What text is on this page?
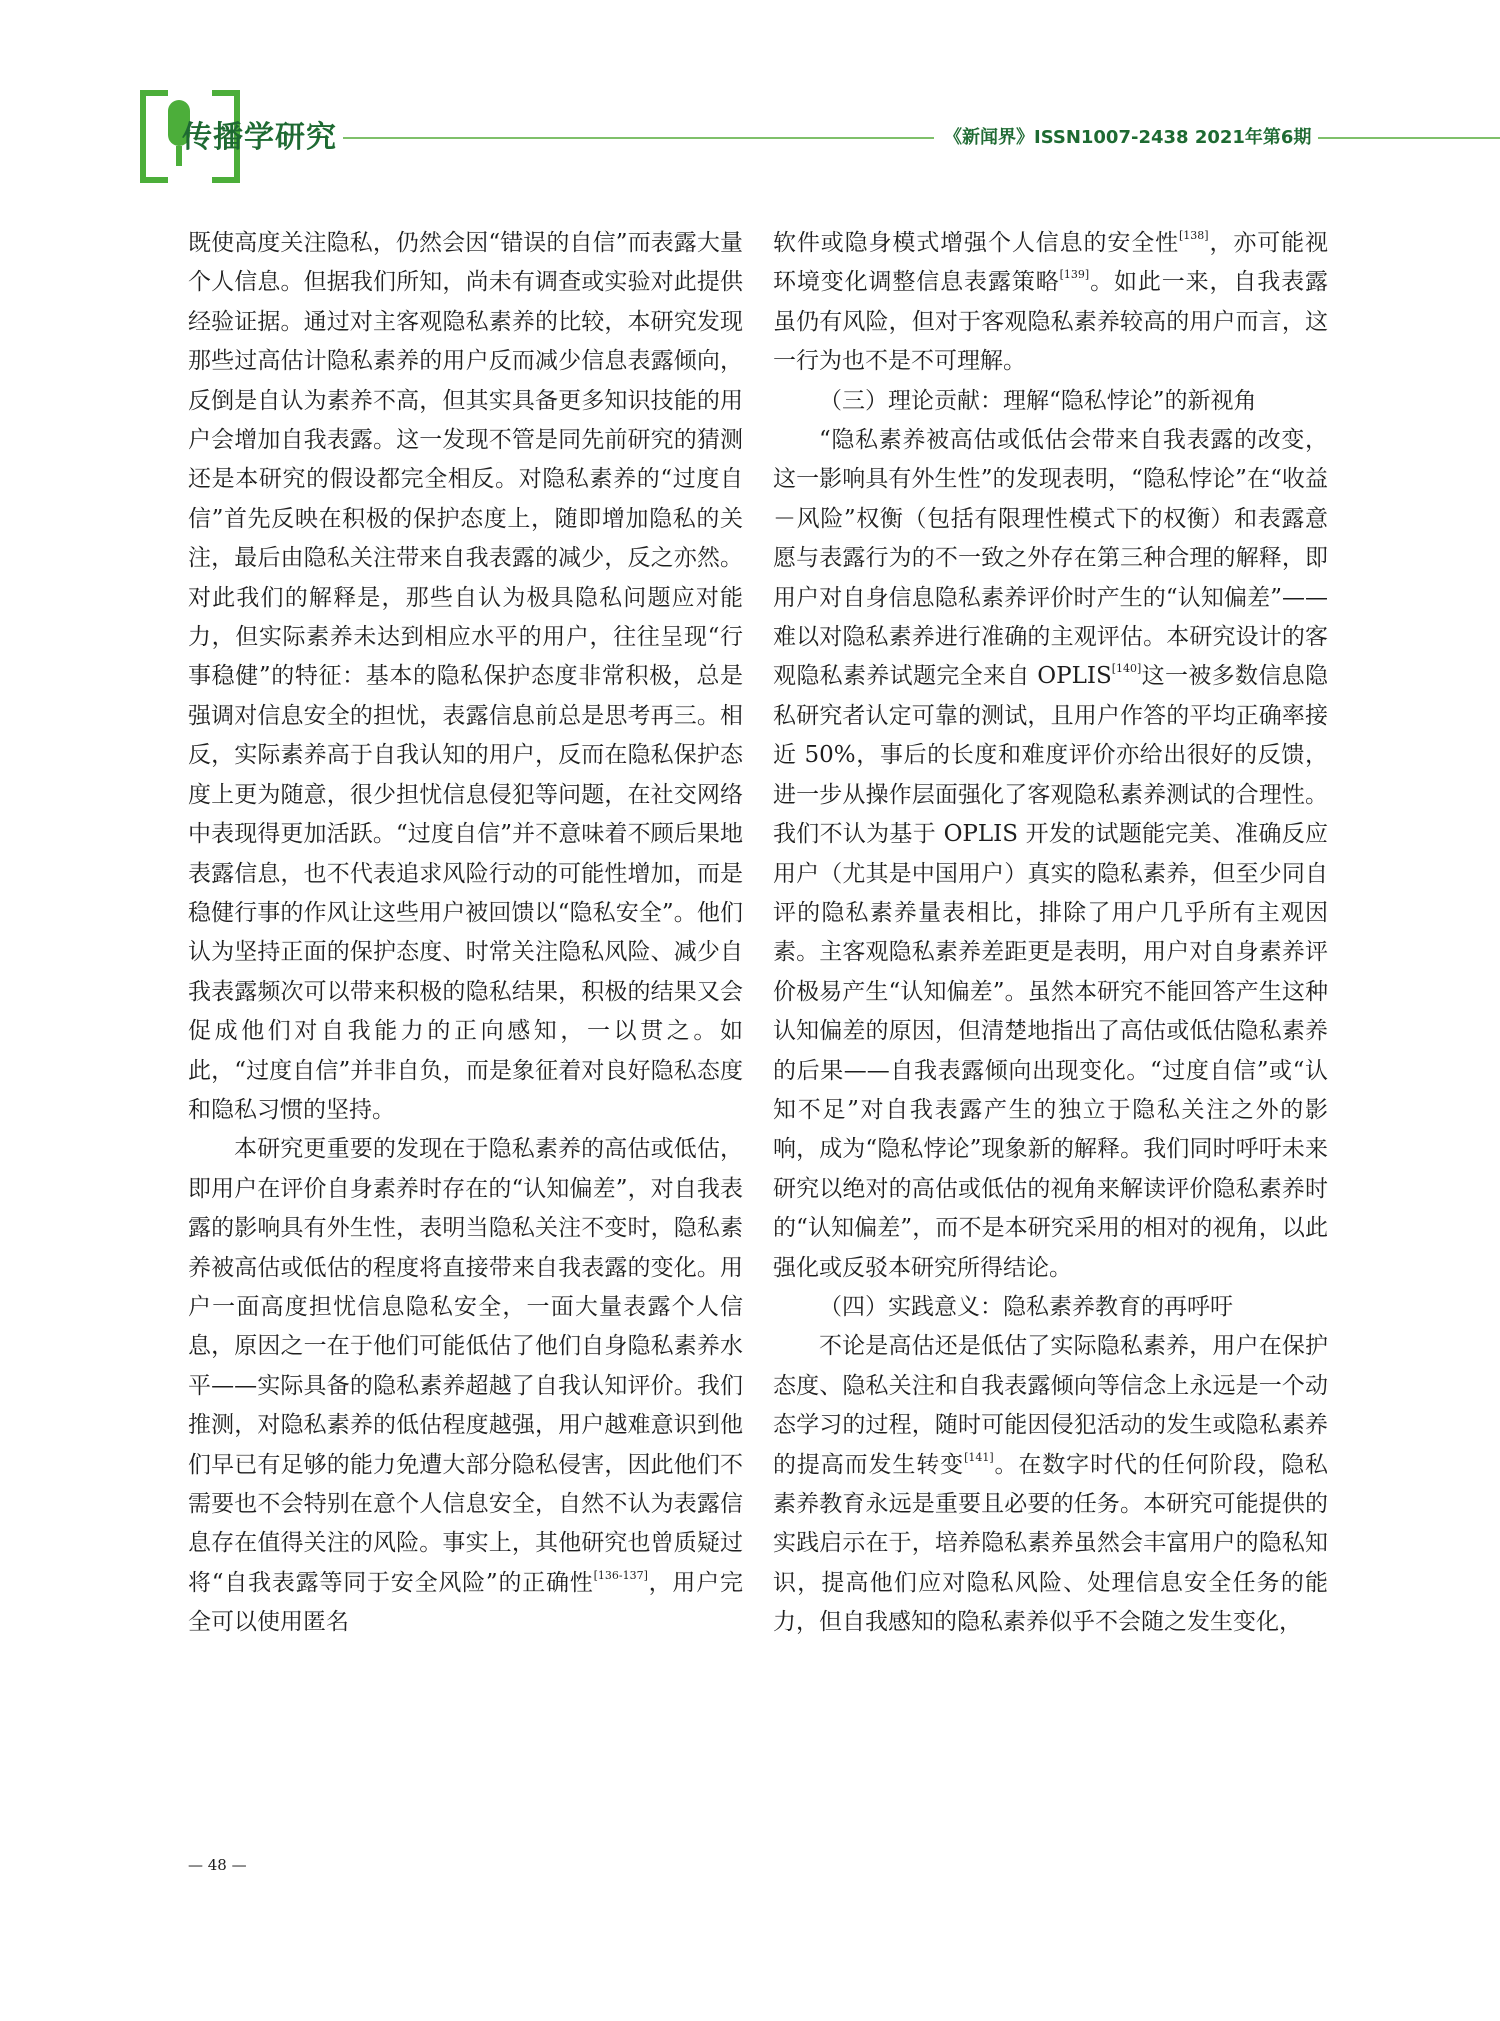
传播学研究	《新闻界》ISSN1007-2438 2021年第6期

既使高度关注隐私，仍然会因“错误的自信”而表露大量个人信息。但据我们所知，尚未有调查或实验对此提供经验证据。通过对主客观隐私素养的比较，本研究发现那些过高估计隐私素养的用户反而减少信息表露倾向，反倒是自认为素养不高，但其实具备更多知识技能的用户会增加自我表露。这一发现不管是同先前研究的猜测还是本研究的假设都完全相反。对隐私素养的“过度自信”首先反映在积极的保护态度上，随即增加隐私的关注，最后由隐私关注带来自我表露的减少，反之亦然。对此我们的解释是，那些自认为极具隐私问题应对能力，但实际素养未达到相应水平的用户，往往呈现“行事稳健”的特征：基本的隐私保护态度非常积极，总是强调对信息安全的担忧，表露信息前总是思考再三。相反，实际素养高于自我认知的用户，反而在隐私保护态度上更为随意，很少担忧信息侵犯等问题，在社交网络中表现得更加活跃。“过度自信”并不意味着不顾后果地表露信息，也不代表追求风险行动的可能性增加，而是稳健行事的作风让这些用户被回馈以“隐私安全”。他们认为坚持正面的保护态度、时常关注隐私风险、减少自我表露频次可以带来积极的隐私结果，积极的结果又会促成他们对自我能力的正向感知，一以贯之。如此，“过度自信”并非自负，而是象征着对良好隐私态度和隐私习惯的坚持。

本研究更重要的发现在于隐私素养的高估或低估，即用户在评价自身素养时存在的“认知偏差”，对自我表露的影响具有外生性，表明当隐私关注不变时，隐私素养被高估或低估的程度将直接带来自我表露的变化。用户一面高度担忧信息隐私安全，一面大量表露个人信息，原因之一在于他们可能低估了他们自身隐私素养水平——实际具备的隐私素养超越了自我认知评价。我们推测，对隐私素养的低估程度越强，用户越难意识到他们早已有足够的能力免遭大部分隐私侵害，因此他们不需要也不会特别在意个人信息安全，自然不认为表露信息存在值得关注的风险。事实上，其他研究也曾质疑过将“自我表露等同于安全风险”的正确性[136-137]，用户完全可以使用匿名

软件或隐身模式增强个人信息的安全性[138]，亦可能视环境变化调整信息表露策略[139]。如此一来，自我表露虽仍有风险，但对于客观隐私素养较高的用户而言，这一行为也不是不可理解。

（三）理论贡献：理解“隐私悖论”的新视角

“隐私素养被高估或低估会带来自我表露的改变，这一影响具有外生性”的发现表明，“隐私悖论”在“收益－风险”权衡（包括有限理性模式下的权衡）和表露意愿与表露行为的不一致之外存在第三种合理的解释，即用户对自身信息隐私素养评价时产生的“认知偏差”——难以对隐私素养进行准确的主观评估。本研究设计的客观隐私素养试题完全来自 OPLIS[140]这一被多数信息隐私研究者认定可靠的测试，且用户作答的平均正确率接近 50%，事后的长度和难度评价亦给出很好的反馈，进一步从操作层面强化了客观隐私素养测试的合理性。我们不认为基于 OPLIS 开发的试题能完美、准确反应用户（尤其是中国用户）真实的隐私素养，但至少同自评的隐私素养量表相比，排除了用户几乎所有主观因素。主客观隐私素养差距更是表明，用户对自身素养评价极易产生“认知偏差”。虽然本研究不能回答产生这种认知偏差的原因，但清楚地指出了高估或低估隐私素养的后果——自我表露倾向出现变化。“过度自信”或“认知不足”对自我表露产生的独立于隐私关注之外的影响，成为“隐私悖论”现象新的解释。我们同时呼吁未来研究以绝对的高估或低估的视角来解读评价隐私素养时的“认知偏差”，而不是本研究采用的相对的视角，以此强化或反驳本研究所得结论。

（四）实践意义：隐私素养教育的再呼吁

不论是高估还是低估了实际隐私素养，用户在保护态度、隐私关注和自我表露倾向等信念上永远是一个动态学习的过程，随时可能因侵犯活动的发生或隐私素养的提高而发生转变[141]。在数字时代的任何阶段，隐私素养教育永远是重要且必要的任务。本研究可能提供的实践启示在于，培养隐私素养虽然会丰富用户的隐私知识，提高他们应对隐私风险、处理信息安全任务的能力，但自我感知的隐私素养似乎不会随之发生变化，

— 48 —
